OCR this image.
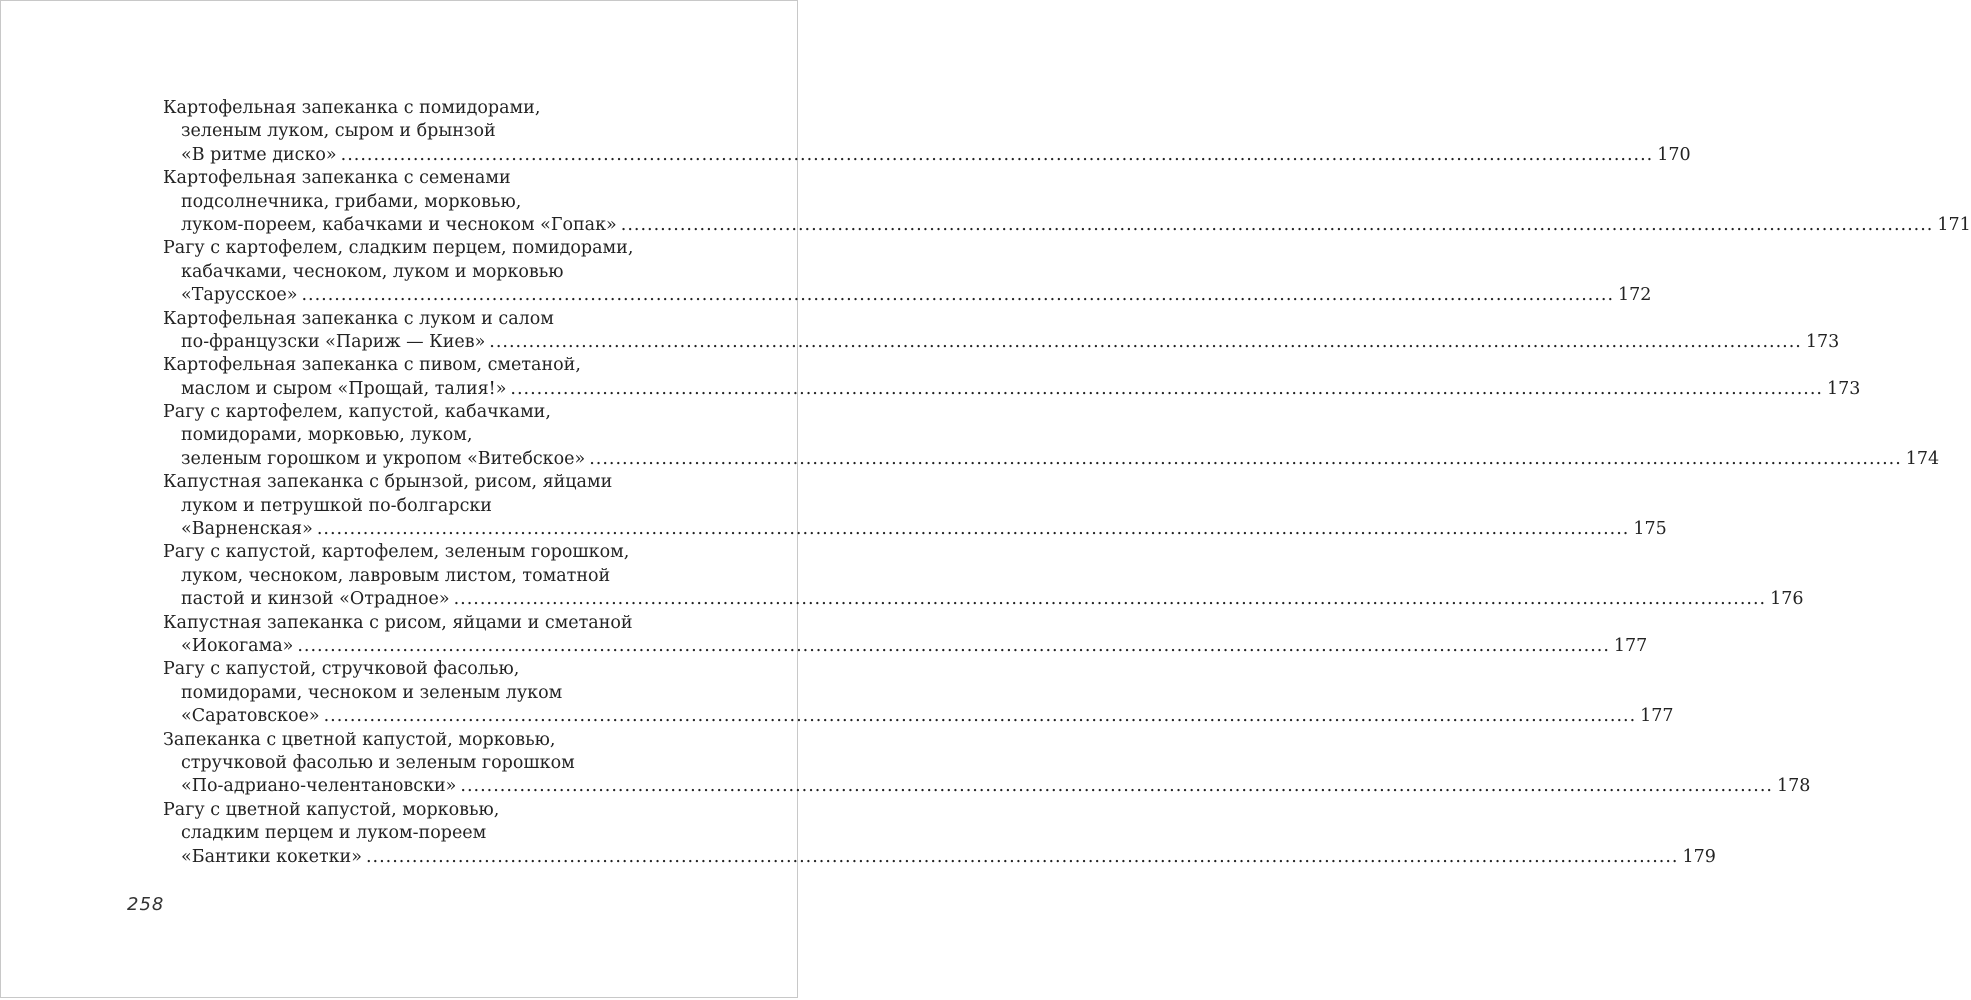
Картофельная запеканка с помидорами,
зеленым луком, сыром и брынзой
«В ритме диско» ........................................................................................................................................................................................................ 170
Картофельная запеканка с семенами
подсолнечника, грибами, морковью,
луком-пореем, кабачками и чесноком «Гопак» ........................................................................................................................................................................................................ 171
Рагу с картофелем, сладким перцем, помидорами,
кабачками, чесноком, луком и морковью
«Тарусское» ........................................................................................................................................................................................................ 172
Картофельная запеканка с луком и салом
по-французски «Париж — Киев» ........................................................................................................................................................................................................ 173
Картофельная запеканка с пивом, сметаной,
маслом и сыром «Прощай, талия!» ........................................................................................................................................................................................................ 173
Рагу с картофелем, капустой, кабачками,
помидорами, морковью, луком,
зеленым горошком и укропом «Витебское» ........................................................................................................................................................................................................ 174
Капустная запеканка с брынзой, рисом, яйцами
луком и петрушкой по-болгарски
«Варненская» ........................................................................................................................................................................................................ 175
Рагу с капустой, картофелем, зеленым горошком,
луком, чесноком, лавровым листом, томатной
пастой и кинзой «Отрадное» ........................................................................................................................................................................................................ 176
Капустная запеканка с рисом, яйцами и сметаной
«Иокогама» ........................................................................................................................................................................................................ 177
Рагу с капустой, стручковой фасолью,
помидорами, чесноком и зеленым луком
«Саратовское» ........................................................................................................................................................................................................ 177
Запеканка с цветной капустой, морковью,
стручковой фасолью и зеленым горошком
«По-адриано-челентановски» ........................................................................................................................................................................................................ 178
Рагу с цветной капустой, морковью,
сладким перцем и луком-пореем
«Бантики кокетки» ........................................................................................................................................................................................................ 179
258
